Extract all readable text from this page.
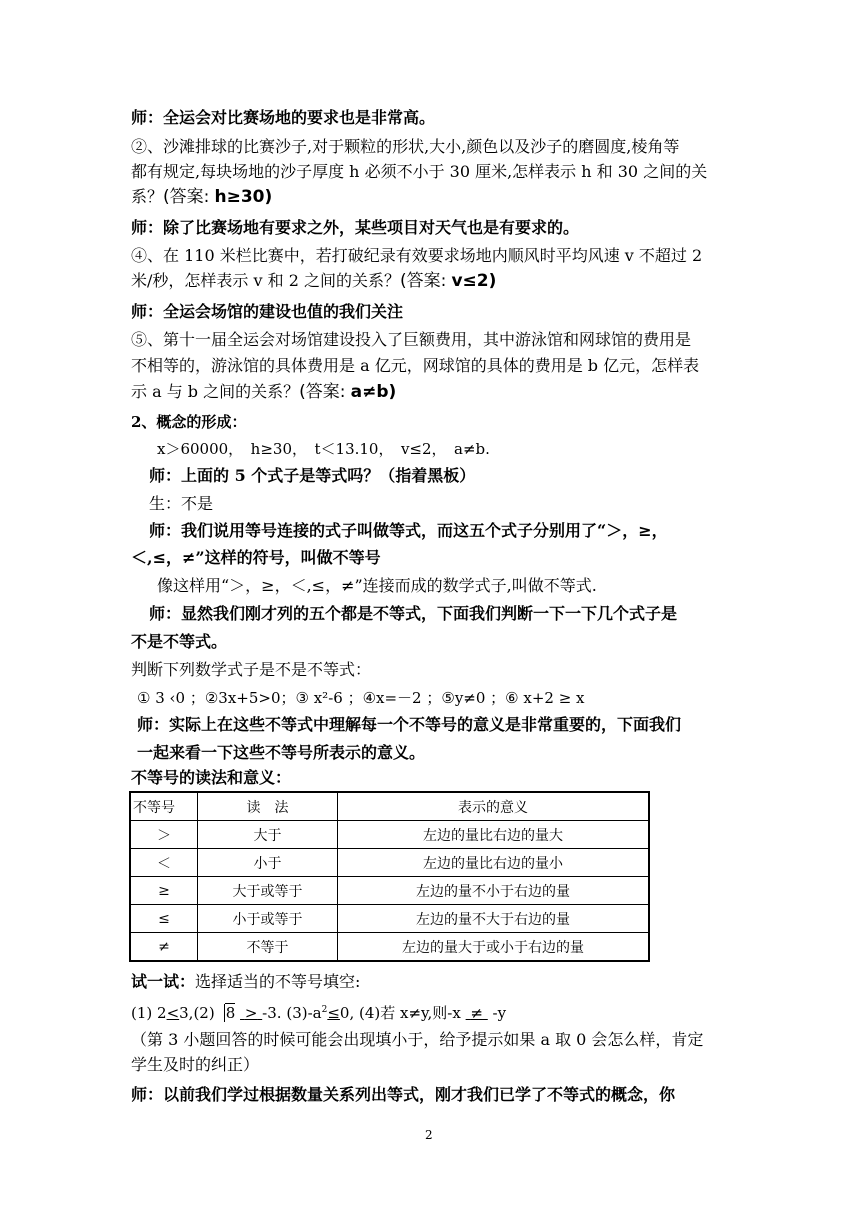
师：全运会对比赛场地的要求也是非常高。
②、沙滩排球的比赛沙子,对于颗粒的形状,大小,颜色以及沙子的磨圆度,棱角等
都有规定,每块场地的沙子厚度 h 必须不小于 30 厘米,怎样表示 h 和 30 之间的关
系？(答案: h≥30)
师：除了比赛场地有要求之外，某些项目对天气也是有要求的。
④、在 110 米栏比赛中，若打破纪录有效要求场地内顺风时平均风速 v 不超过 2
米/秒，怎样表示 v 和 2 之间的关系？(答案: v≤2)
师：全运会场馆的建设也值的我们关注
⑤、第十一届全运会对场馆建设投入了巨额费用，其中游泳馆和网球馆的费用是
不相等的，游泳馆的具体费用是 a 亿元，网球馆的具体的费用是 b 亿元，怎样表
示 a 与 b 之间的关系？(答案: a≠b)
2、概念的形成：
x＞60000，　h≥30，　t＜13.10，　v≤2，　a≠b.
师：上面的 5 个式子是等式吗？（指着黑板）
生：不是
师：我们说用等号连接的式子叫做等式，而这五个式子分别用了“＞，≥，
＜,≤，≠”这样的符号，叫做不等号
像这样用“＞，≥，＜,≤，≠”连接而成的数学式子,叫做不等式.
师：显然我们刚才列的五个都是不等式，下面我们判断一下一下几个式子是
不是不等式。
判断下列数学式子是不是不等式：
① 3 ‹0 ；②3x+5>0；③ x²-6 ；④x=－2 ；⑤y≠0 ；⑥ x+2 ≥ x
师：实际上在这些不等式中理解每一个不等号的意义是非常重要的，下面我们
一起来看一下这些不等号所表示的意义。
不等号的读法和意义：
不等号	读　法	表示的意义
＞	大于	左边的量比右边的量大
＜	小于	左边的量比右边的量小
≥	大于或等于	左边的量不小于右边的量
≤	小于或等于	左边的量不大于右边的量
≠	不等于	左边的量大于或小于右边的量
试一试：选择适当的不等号填空:
(1) 2<3,(2) 8 > -3. $(3)-a^2\le 0$, (4)若 x≠y,则-x ≠ -y
（第 3 小题回答的时候可能会出现填小于，给予提示如果 a 取 0 会怎么样，肯定
学生及时的纠正）
师：以前我们学过根据数量关系列出等式，刚才我们已学了不等式的概念，你
2
